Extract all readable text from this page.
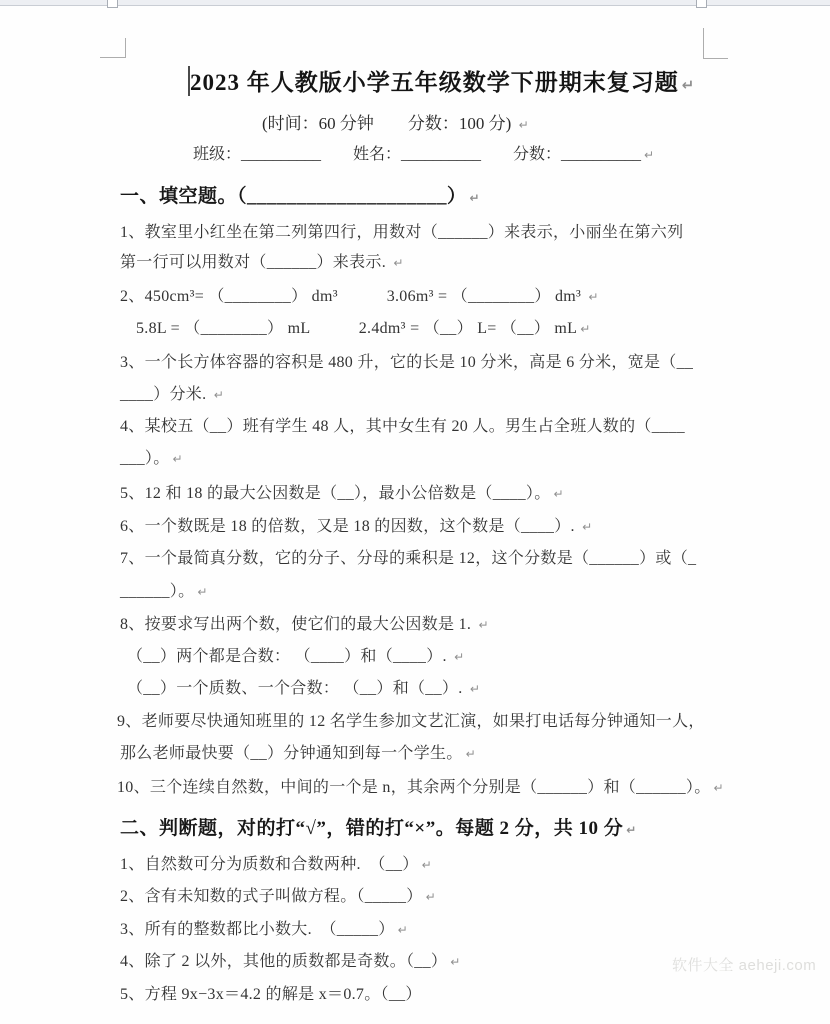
2023 年人教版小学五年级数学下册期末复习题 ↵
(时间：60 分钟　　分数：100 分) ↵
班级：__________　　姓名：__________　　分数：__________ ↵
一、填空题。（____________________） ↵
1、教室里小红坐在第二列第四行，用数对（______）来表示，小丽坐在第六列
第一行可以用数对（______）来表示. ↵
2、450cm³= （________） dm³　　　3.06m³ = （________） dm³ ↵
5.8L = （________） mL　　　2.4dm³ = （__） L= （__） mL ↵
3、一个长方体容器的容积是 480 升，它的长是 10 分米，高是 6 分米，宽是（__
____）分米. ↵
4、某校五（__）班有学生 48 人，其中女生有 20 人。男生占全班人数的（____
___）。 ↵
5、12 和 18 的最大公因数是（__），最小公倍数是（____）。 ↵
6、一个数既是 18 的倍数，又是 18 的因数，这个数是（____）. ↵
7、一个最简真分数，它的分子、分母的乘积是 12，这个分数是（______）或（_
______）。 ↵
8、按要求写出两个数，使它们的最大公因数是 1. ↵
（__）两个都是合数： （____）和（____）. ↵
（__）一个质数、一个合数： （__）和（__）. ↵
9、老师要尽快通知班里的 12 名学生参加文艺汇演，如果打电话每分钟通知一人，
那么老师最快要（__）分钟通知到每一个学生。 ↵
10、三个连续自然数，中间的一个是 n，其余两个分别是（______）和（______）。 ↵
二、判断题，对的打“√”，错的打“×”。每题 2 分，共 10 分 ↵
1、自然数可分为质数和合数两种.  （__） ↵
2、含有未知数的式子叫做方程。（_____） ↵
3、所有的整数都比小数大.  （_____） ↵
4、除了 2 以外，其他的质数都是奇数。（__） ↵
5、方程 9x−3x＝4.2 的解是 x＝0.7。（__）
软件大全 aeheji.com
